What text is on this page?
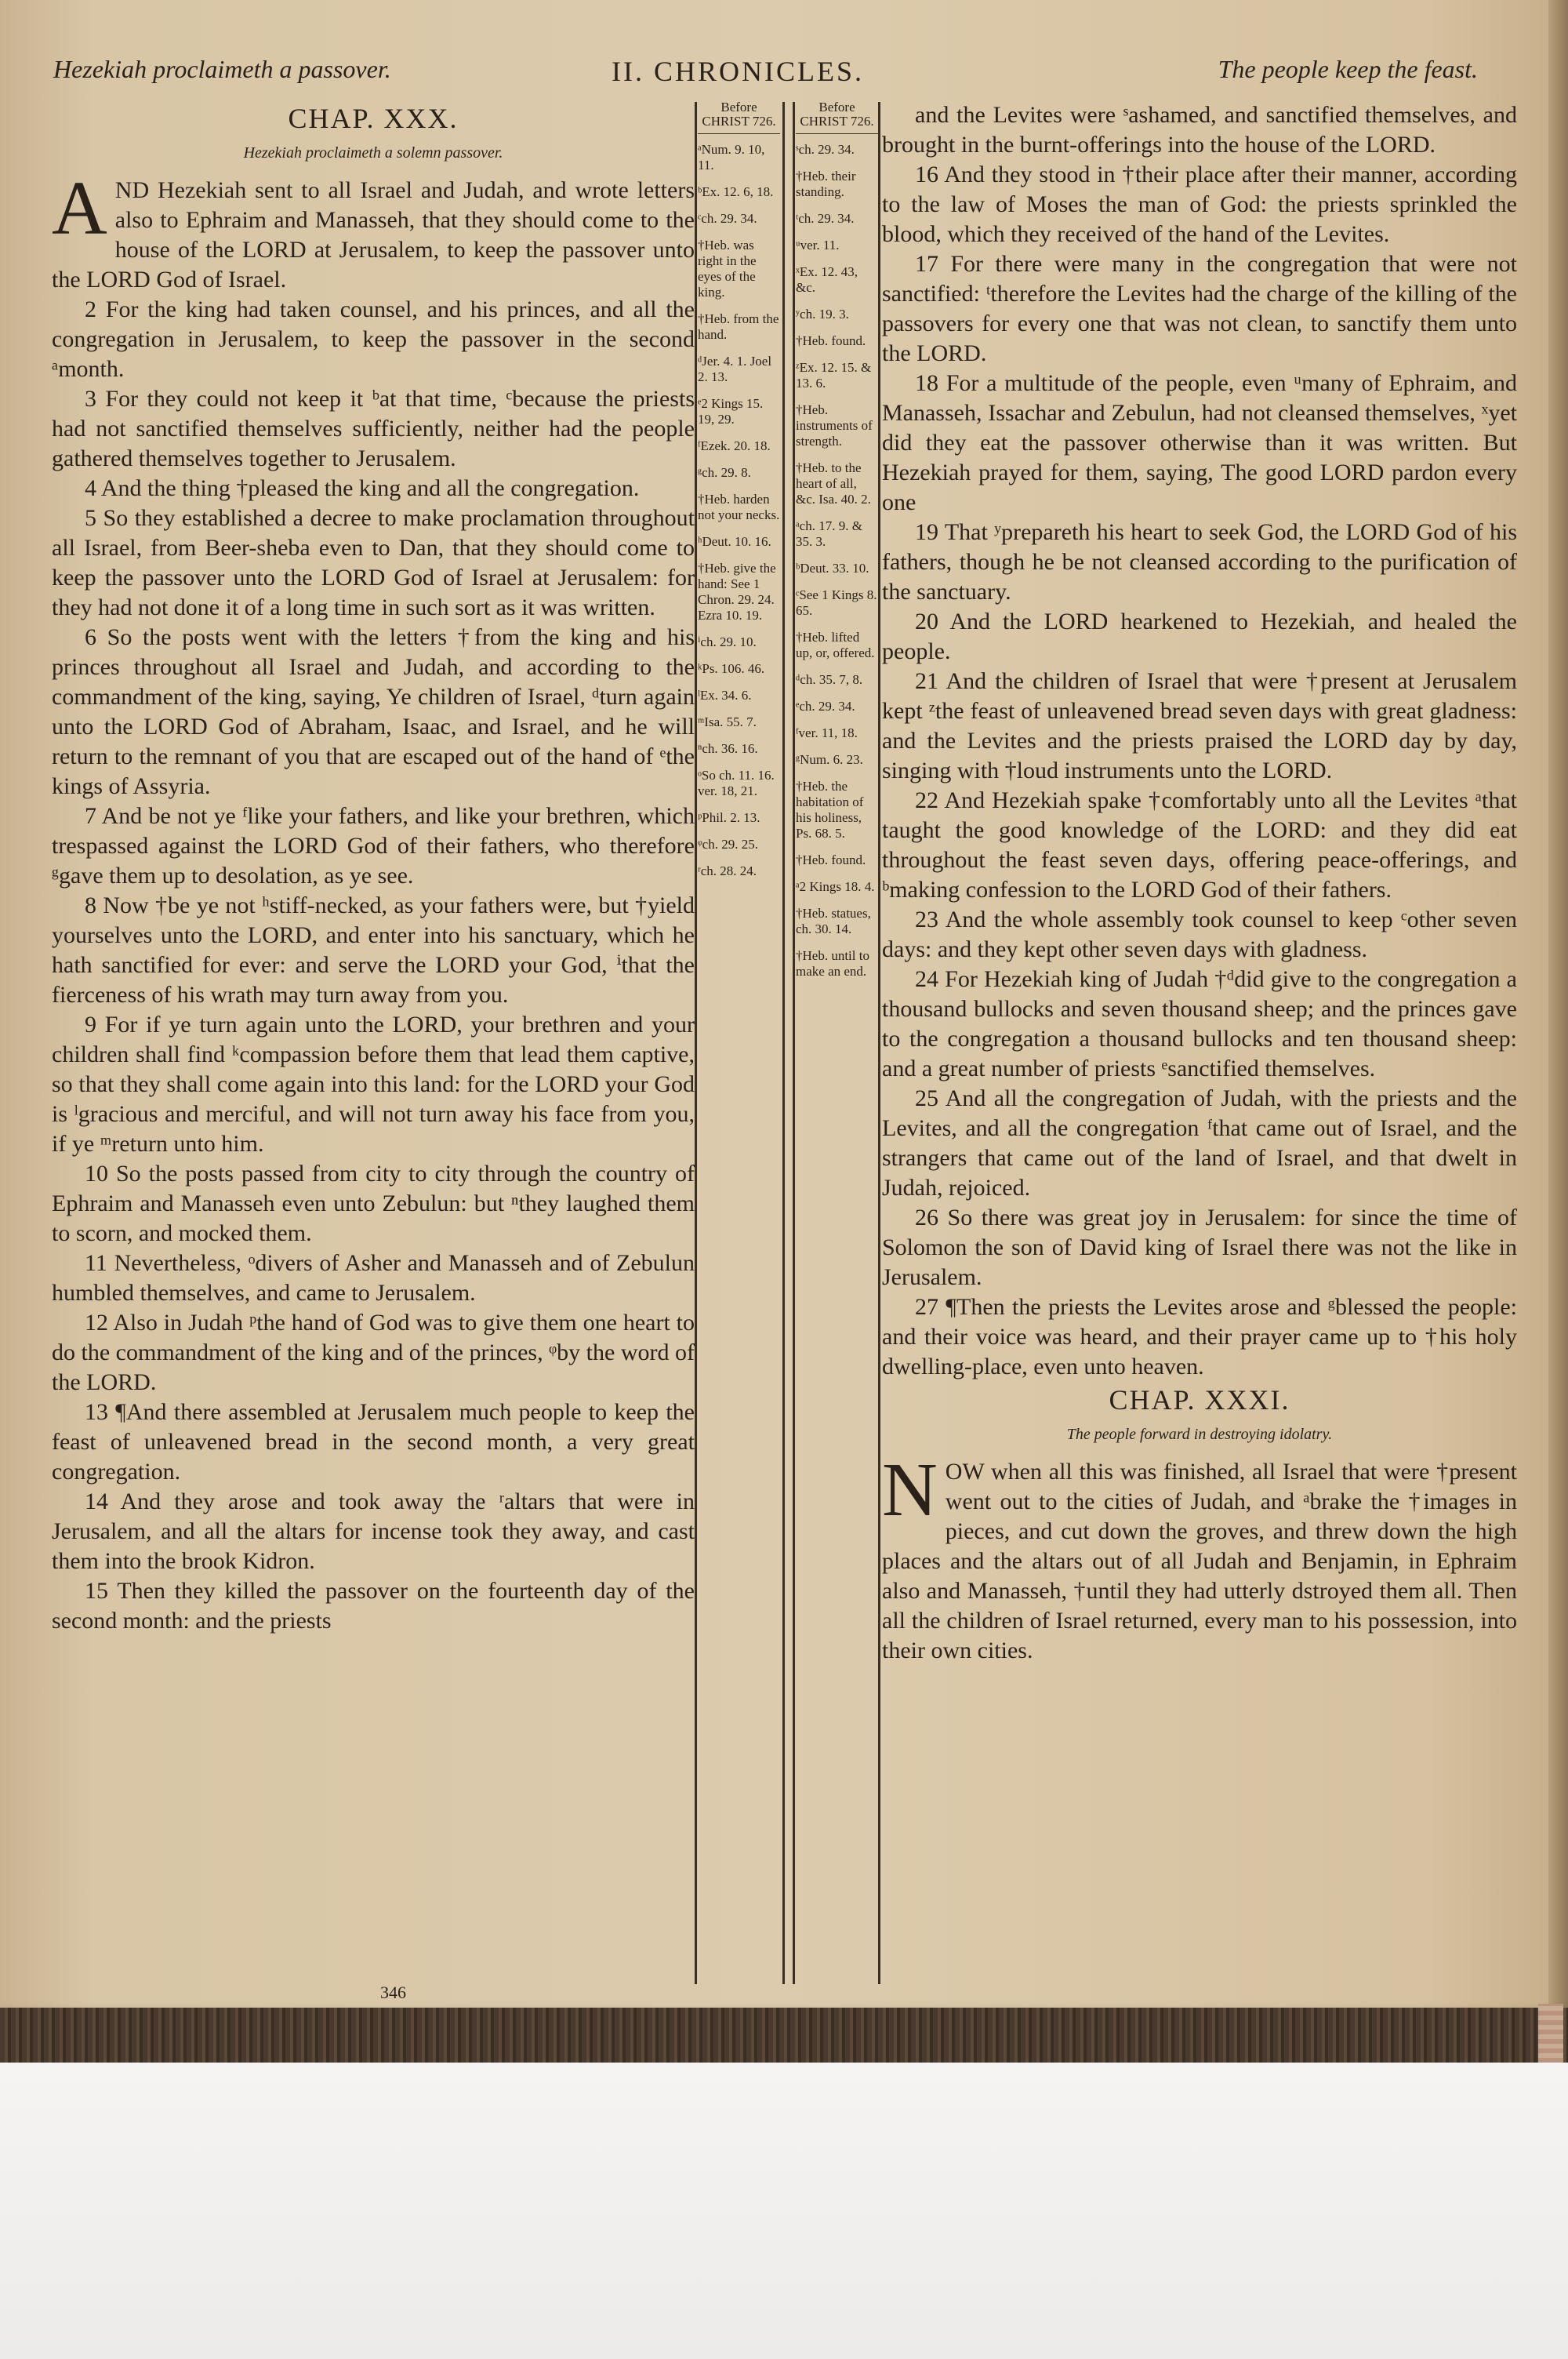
Hezekiah proclaimeth a passover.	II. CHRONICLES.	The people keep the feast.

CHAP. XXX.

Hezekiah proclaimeth a solemn passover.

AND Hezekiah sent to all Israel and Judah, and wrote letters also to Ephraim and Manasseh, that they should come to the house of the LORD at Jerusalem, to keep the passover unto the LORD God of Israel.

2 For the king had taken counsel, and his princes, and all the congregation in Jerusalem, to keep the passover in the second ᵃmonth.

3 For they could not keep it ᵇat that time, ᶜbecause the priests had not sanctified themselves sufficiently, neither had the people gathered themselves together to Jerusalem.

4 And the thing †pleased the king and all the congregation.

5 So they established a decree to make proclamation throughout all Israel, from Beer-sheba even to Dan, that they should come to keep the passover unto the LORD God of Israel at Jerusalem: for they had not done it of a long time in such sort as it was written.

6 So the posts went with the letters †from the king and his princes throughout all Israel and Judah, and according to the commandment of the king, saying, Ye children of Israel, ᵈturn again unto the LORD God of Abraham, Isaac, and Israel, and he will return to the remnant of you that are escaped out of the hand of ᵉthe kings of Assyria.

7 And be not ye ᶠlike your fathers, and like your brethren, which trespassed against the LORD God of their fathers, who therefore ᵍgave them up to desolation, as ye see.

8 Now †be ye not ʰstiff-necked, as your fathers were, but †yield yourselves unto the LORD, and enter into his sanctuary, which he hath sanctified for ever: and serve the LORD your God, ⁱthat the fierceness of his wrath may turn away from you.

9 For if ye turn again unto the LORD, your brethren and your children shall find ᵏcompassion before them that lead them captive, so that they shall come again into this land: for the LORD your God is ˡgracious and merciful, and will not turn away his face from you, if ye ᵐreturn unto him.

10 So the posts passed from city to city through the country of Ephraim and Manasseh even unto Zebulun: but ⁿthey laughed them to scorn, and mocked them.

11 Nevertheless, ᵒdivers of Asher and Manasseh and of Zebulun humbled themselves, and came to Jerusalem.

12 Also in Judah ᵖthe hand of God was to give them one heart to do the commandment of the king and of the princes, ᵠby the word of the LORD.

13 ¶And there assembled at Jerusalem much people to keep the feast of unleavened bread in the second month, a very great congregation.

14 And they arose and took away the ʳaltars that were in Jerusalem, and all the altars for incense took they away, and cast them into the brook Kidron.

15 Then they killed the passover on the fourteenth day of the second month: and the priests

Before CHRIST 726.
ᵃNum. 9. 10, 11.
ᵇEx. 12. 6, 18.
ᶜch. 29. 34.
†Heb. was right in the eyes of the king.
†Heb. from the hand.
ᵈJer. 4. 1. Joel 2. 13.
ᵉ2 Kings 15. 19, 29.
ᶠEzek. 20. 18.
ᵍch. 29. 8.
†Heb. harden not your necks.
ʰDeut. 10. 16.
†Heb. give the hand: See 1 Chron. 29. 24. Ezra 10. 19.
ⁱch. 29. 10.
ᵏPs. 106. 46.
ˡEx. 34. 6.
ᵐIsa. 55. 7.
ⁿch. 36. 16.
ᵒSo ch. 11. 16. ver. 18, 21.
ᵖPhil. 2. 13.
ᵠch. 29. 25.
ʳch. 28. 24.
Before CHRIST 726.
ˢch. 29. 34.
†Heb. their standing.
ᵗch. 29. 34.
ᵘver. 11.
ˣEx. 12. 43, &c.
ʸch. 19. 3.
†Heb. found.
ᶻEx. 12. 15. & 13. 6.
†Heb. instruments of strength.
†Heb. to the heart of all, &c. Isa. 40. 2.
ᵃch. 17. 9. & 35. 3.
ᵇDeut. 33. 10.
ᶜSee 1 Kings 8. 65.
†Heb. lifted up, or, offered.
ᵈch. 35. 7, 8.
ᵉch. 29. 34.
ᶠver. 11, 18.
ᵍNum. 6. 23.
†Heb. the habitation of his holiness, Ps. 68. 5.
†Heb. found.
ᵃ2 Kings 18. 4.
†Heb. statues, ch. 30. 14.
†Heb. until to make an end.

and the Levites were ˢashamed, and sanctified themselves, and brought in the burnt-offerings into the house of the LORD.

16 And they stood in †their place after their manner, according to the law of Moses the man of God: the priests sprinkled the blood, which they received of the hand of the Levites.

17 For there were many in the congregation that were not sanctified: ᵗtherefore the Levites had the charge of the killing of the passovers for every one that was not clean, to sanctify them unto the LORD.

18 For a multitude of the people, even ᵘmany of Ephraim, and Manasseh, Issachar and Zebulun, had not cleansed themselves, ˣyet did they eat the passover otherwise than it was written. But Hezekiah prayed for them, saying, The good LORD pardon every one

19 That ʸprepareth his heart to seek God, the LORD God of his fathers, though he be not cleansed according to the purification of the sanctuary.

20 And the LORD hearkened to Hezekiah, and healed the people.

21 And the children of Israel that were †present at Jerusalem kept ᶻthe feast of unleavened bread seven days with great gladness: and the Levites and the priests praised the LORD day by day, singing with †loud instruments unto the LORD.

22 And Hezekiah spake †comfortably unto all the Levites ᵃthat taught the good knowledge of the LORD: and they did eat throughout the feast seven days, offering peace-offerings, and ᵇmaking confession to the LORD God of their fathers.

23 And the whole assembly took counsel to keep ᶜother seven days: and they kept other seven days with gladness.

24 For Hezekiah king of Judah †ᵈdid give to the congregation a thousand bullocks and seven thousand sheep; and the princes gave to the congregation a thousand bullocks and ten thousand sheep: and a great number of priests ᵉsanctified themselves.

25 And all the congregation of Judah, with the priests and the Levites, and all the congregation ᶠthat came out of Israel, and the strangers that came out of the land of Israel, and that dwelt in Judah, rejoiced.

26 So there was great joy in Jerusalem: for since the time of Solomon the son of David king of Israel there was not the like in Jerusalem.

27 ¶Then the priests the Levites arose and ᵍblessed the people: and their voice was heard, and their prayer came up to †his holy dwelling-place, even unto heaven.

CHAP. XXXI.

The people forward in destroying idolatry.

NOW when all this was finished, all Israel that were †present went out to the cities of Judah, and ᵃbrake the †images in pieces, and cut down the groves, and threw down the high places and the altars out of all Judah and Benjamin, in Ephraim also and Manasseh, †until they had utterly dstroyed them all. Then all the children of Israel returned, every man to his possession, into their own cities.

346
